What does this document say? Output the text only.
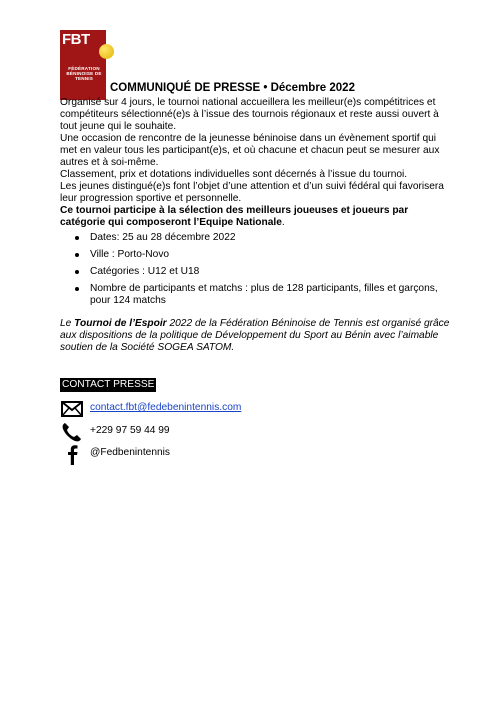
FBT
FÉDÉRATION BÉNINOISE DE TENNIS
COMMUNIQUÉ DE PRESSE • Décembre 2022

Organisé sur 4 jours, le tournoi national accueillera les meilleur(e)s compétitrices et compétiteurs sélectionné(e)s à l’issue des tournois régionaux et reste aussi ouvert à tout jeune qui le souhaite.

Une occasion de rencontre de la jeunesse béninoise dans un évènement sportif qui met en valeur tous les participant(e)s, et où chacune et chacun peut se mesurer aux autres et à soi-même.

Classement, prix et dotations individuelles sont décernés à l’issue du tournoi.

Les jeunes distingué(e)s font l’objet d’une attention et d’un suivi fédéral qui favorisera leur progression sportive et personnelle.

Ce tournoi participe à la sélection des meilleurs joueuses et joueurs par catégorie qui composeront l’Equipe Nationale.

Dates: 25 au 28 décembre 2022
Ville : Porto-Novo
Catégories : U12 et U18
Nombre de participants et matchs : plus de 128 participants, filles et garçons, pour 124 matchs
Le Tournoi de l’Espoir 2022 de la Fédération Béninoise de Tennis est organisé grâce aux dispositions de la politique de Développement du Sport au Bénin avec l’aimable soutien de la Société SOGEA SATOM.
CONTACT PRESSE
contact.fbt@fedebenintennis.com
+229 97 59 44 99
@Fedbenintennis
